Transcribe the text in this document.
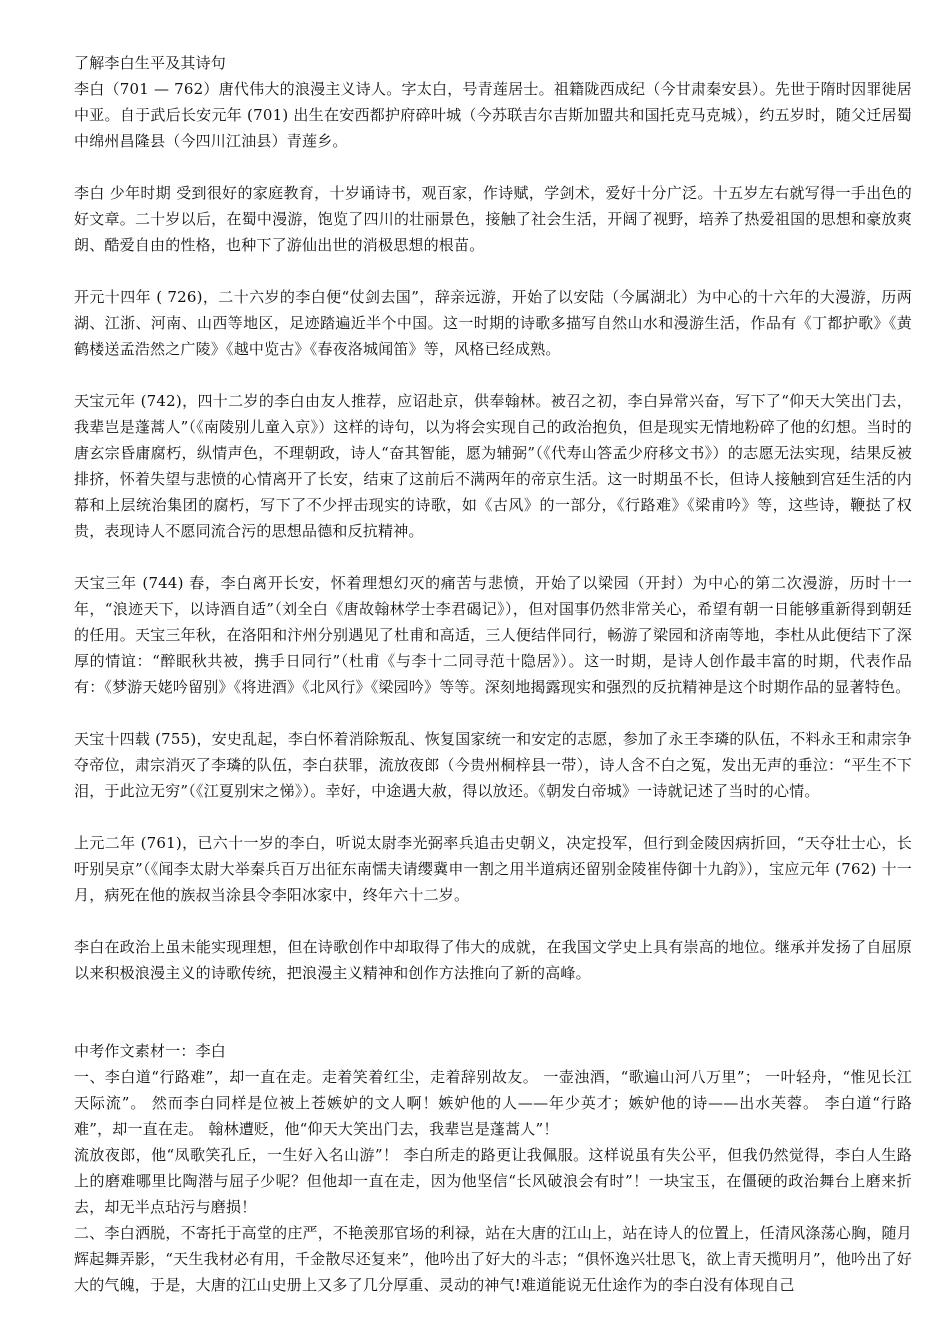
了解李白生平及其诗句

李白（701 — 762）唐代伟大的浪漫主义诗人。字太白，号青莲居士。祖籍陇西成纪（今甘肃秦安县）。先世于隋时因罪徙居中亚。自于武后长安元年 (701) 出生在安西都护府碎叶城（今苏联吉尔吉斯加盟共和国托克马克城），约五岁时，随父迁居蜀中绵州昌隆县（今四川江油县）青莲乡。

李白 少年时期 受到很好的家庭教育，十岁诵诗书，观百家，作诗赋，学剑术，爱好十分广泛。十五岁左右就写得一手出色的好文章。二十岁以后，在蜀中漫游，饱览了四川的壮丽景色，接触了社会生活，开阔了视野，培养了热爱祖国的思想和豪放爽朗、酷爱自由的性格，也种下了游仙出世的消极思想的根苗。

开元十四年 ( 726)，二十六岁的李白便“仗剑去国”，辞亲远游，开始了以安陆（今属湖北）为中心的十六年的大漫游，历两湖、江浙、河南、山西等地区，足迹踏遍近半个中国。这一时期的诗歌多描写自然山水和漫游生活，作品有《丁都护歌》《黄鹤楼送孟浩然之广陵》《越中览古》《春夜洛城闻笛》等，风格已经成熟。

天宝元年 (742)，四十二岁的李白由友人推荐，应诏赴京，供奉翰林。被召之初，李白异常兴奋，写下了“仰天大笑出门去，我辈岂是蓬蒿人”（《南陵别儿童入京》）这样的诗句，以为将会实现自己的政治抱负，但是现实无情地粉碎了他的幻想。当时的唐玄宗昏庸腐朽，纵情声色，不理朝政，诗人“奋其智能，愿为辅弼”（《代寿山答孟少府移文书》）的志愿无法实现，结果反被排挤，怀着失望与悲愤的心情离开了长安，结束了这前后不满两年的帝京生活。这一时期虽不长，但诗人接触到宫廷生活的内幕和上层统治集团的腐朽，写下了不少抨击现实的诗歌，如《古风》的一部分，《行路难》《梁甫吟》等，这些诗，鞭挞了权贵，表现诗人不愿同流合污的思想品德和反抗精神。

天宝三年 (744) 春，李白离开长安，怀着理想幻灭的痛苦与悲愤，开始了以梁园（开封）为中心的第二次漫游，历时十一年，“浪迹天下，以诗酒自适”（刘全白《唐故翰林学士李君碣记》），但对国事仍然非常关心，希望有朝一日能够重新得到朝廷的任用。天宝三年秋，在洛阳和汴州分别遇见了杜甫和高适，三人便结伴同行，畅游了梁园和济南等地，李杜从此便结下了深厚的情谊：“醉眠秋共被，携手日同行”（杜甫《与李十二同寻范十隐居》）。这一时期，是诗人创作最丰富的时期，代表作品有：《梦游天姥吟留别》《将进酒》《北风行》《梁园吟》等等。深刻地揭露现实和强烈的反抗精神是这个时期作品的显著特色。

天宝十四载 (755)，安史乱起，李白怀着消除叛乱、恢复国家统一和安定的志愿，参加了永王李璘的队伍，不料永王和肃宗争夺帝位，肃宗消灭了李璘的队伍，李白获罪，流放夜郎（今贵州桐梓县一带），诗人含不白之冤，发出无声的垂泣：“平生不下泪，于此泣无穷”（《江夏别宋之悌》）。幸好，中途遇大赦，得以放还。《朝发白帝城》一诗就记述了当时的心情。

上元二年 (761)，已六十一岁的李白，听说太尉李光弼率兵追击史朝义，决定投军，但行到金陵因病折回，“天夺壮士心，长吁别吴京”（《闻李太尉大举秦兵百万出征东南懦夫请缨冀申一割之用半道病还留别金陵崔侍御十九韵》），宝应元年 (762) 十一月，病死在他的族叔当涂县令李阳冰家中，终年六十二岁。

李白在政治上虽未能实现理想，但在诗歌创作中却取得了伟大的成就，在我国文学史上具有崇高的地位。继承并发扬了自屈原以来积极浪漫主义的诗歌传统，把浪漫主义精神和创作方法推向了新的高峰。

中考作文素材一：李白

一、李白道“行路难”，却一直在走。走着笑着红尘，走着辞别故友。 一壶浊酒，“歌遍山河八万里”； 一叶轻舟，“惟见长江天际流”。 然而李白同样是位被上苍嫉妒的文人啊！嫉妒他的人——年少英才；嫉妒他的诗——出水芙蓉。 李白道“行路难”，却一直在走。 翰林遭贬，他“仰天大笑出门去，我辈岂是蓬蒿人”！

流放夜郎，他“凤歌笑孔丘，一生好入名山游”！ 李白所走的路更让我佩服。这样说虽有失公平，但我仍然觉得，李白人生路上的磨难哪里比陶潜与屈子少呢？但他却一直在走，因为他坚信“长风破浪会有时”！一块宝玉，在僵硬的政治舞台上磨来折去，却无半点玷污与磨损！

二、李白洒脱，不寄托于高堂的庄严，不艳羡那官场的利禄，站在大唐的江山上，站在诗人的位置上，任清风涤荡心胸，随月辉起舞弄影，“天生我材必有用，千金散尽还复来”，他吟出了好大的斗志；“俱怀逸兴壮思飞，欲上青天揽明月”，他吟出了好大的气魄，于是，大唐的江山史册上又多了几分厚重、灵动的神气!难道能说无仕途作为的李白没有体现自己
